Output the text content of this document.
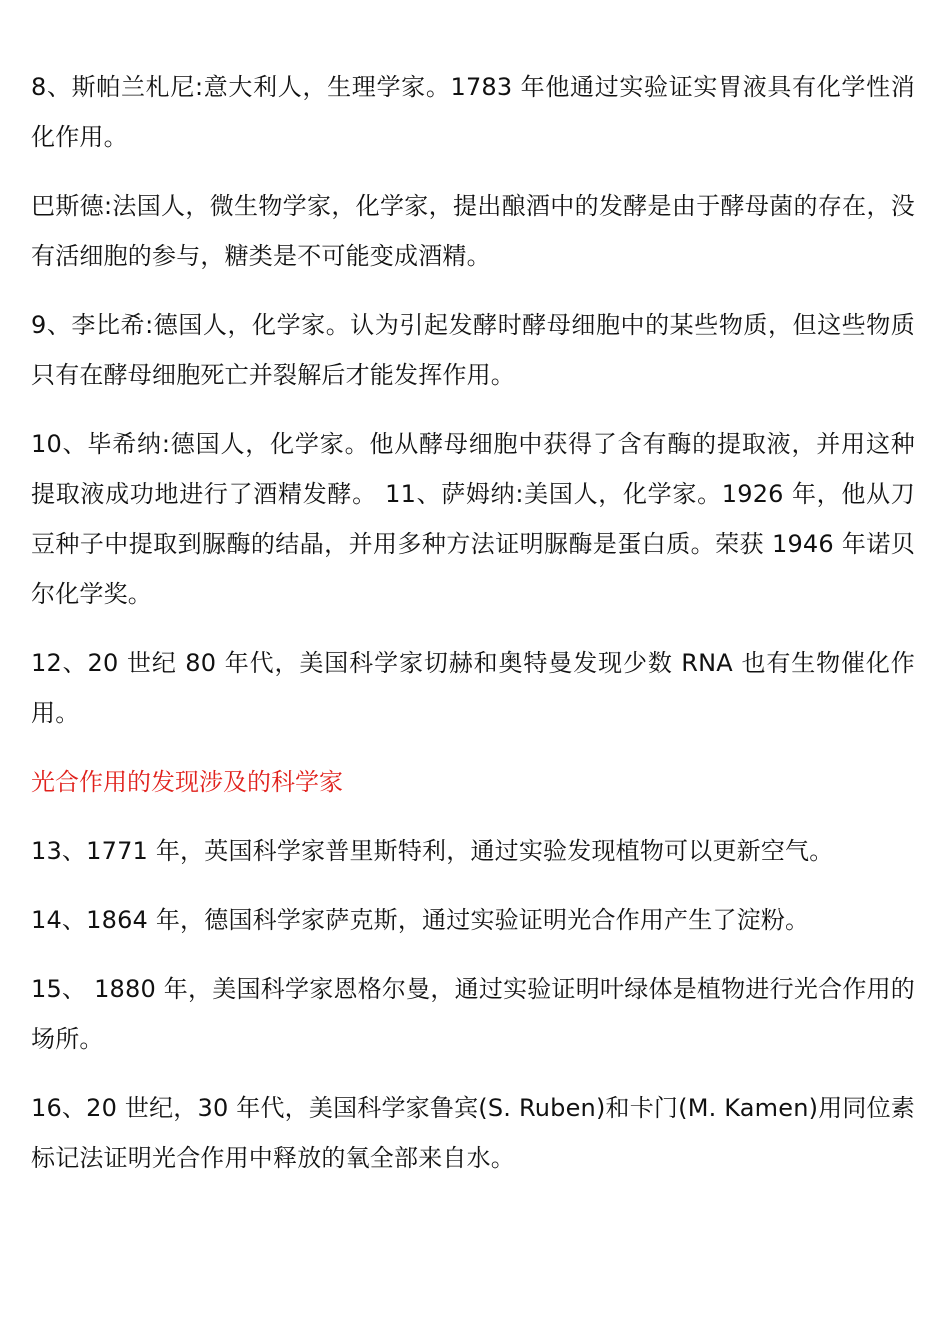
8、斯帕兰札尼:意大利人，生理学家。1783 年他通过实验证实胃液具有化学性消化作用。

巴斯德:法国人，微生物学家，化学家，提出酿酒中的发酵是由于酵母菌的存在，没有活细胞的参与，糖类是不可能变成酒精。

9、李比希:德国人，化学家。认为引起发酵时酵母细胞中的某些物质，但这些物质只有在酵母细胞死亡并裂解后才能发挥作用。

10、毕希纳:德国人，化学家。他从酵母细胞中获得了含有酶的提取液，并用这种提取液成功地进行了酒精发酵。 11、萨姆纳:美国人，化学家。1926 年，他从刀豆种子中提取到脲酶的结晶，并用多种方法证明脲酶是蛋白质。荣获 1946 年诺贝尔化学奖。

12、20 世纪 80 年代，美国科学家切赫和奥特曼发现少数 RNA 也有生物催化作用。

光合作用的发现涉及的科学家

13、1771 年，英国科学家普里斯特利，通过实验发现植物可以更新空气。

14、1864 年，德国科学家萨克斯，通过实验证明光合作用产生了淀粉。

15、 1880 年，美国科学家恩格尔曼，通过实验证明叶绿体是植物进行光合作用的场所。

16、20 世纪，30 年代，美国科学家鲁宾(S. Ruben)和卡门(M. Kamen)用同位素标记法证明光合作用中释放的氧全部来自水。
